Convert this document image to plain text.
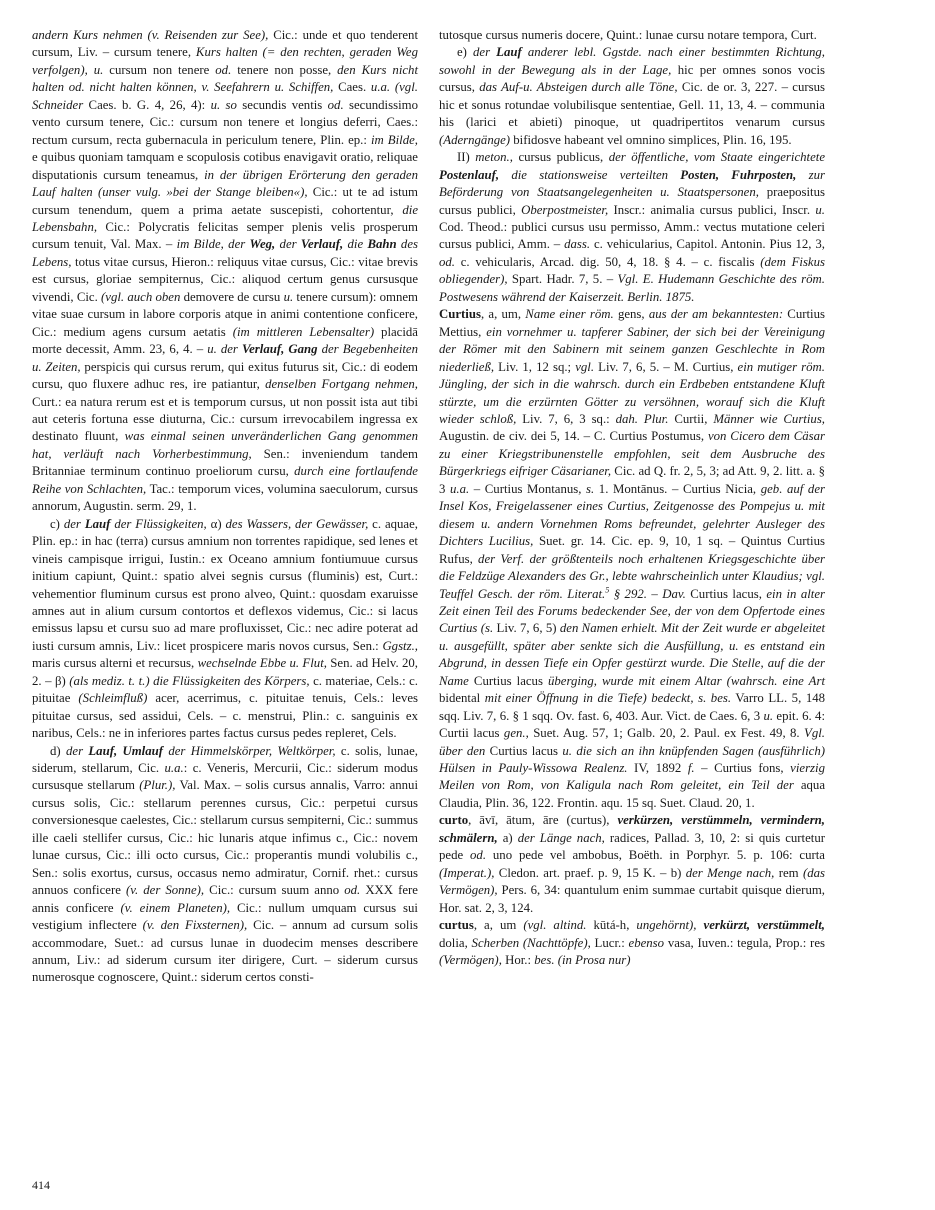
andern Kurs nehmen (v. Reisenden zur See), Cic.: unde et quo tenderent cursum, Liv. – cursum tenere, Kurs halten (= den rechten, geraden Weg verfolgen), u. cursum non tenere od. tenere non posse, den Kurs nicht halten od. nicht halten können, v. Seefahrern u. Schiffen, Caes. u.a. (vgl. Schneider Caes. b. G. 4, 26, 4): u. so secundis ventis od. secundissimo vento cursum tenere, Cic.: cursum non tenere et longius deferri, Caes.: rectum cursum, recta gubernacula in periculum tenere, Plin. ep.: im Bilde, e quibus quoniam tamquam e scopulosis cotibus enavigavit oratio, reliquae disputationis cursum teneamus, in der übrigen Erörterung den geraden Lauf halten (unser vulg. »bei der Stange bleiben«), Cic.: ut te ad istum cursum tenendum, quem a prima aetate suscepisti, cohortentur, die Lebensbahn, Cic.: Polycratis felicitas semper plenis velis prosperum cursum tenuit, Val. Max. – im Bilde, der Weg, der Verlauf, die Bahn des Lebens, totus vitae cursus, Hieron.: reliquus vitae cursus, Cic.: vitae brevis est cursus, gloriae sempiternus, Cic.: aliquod certum genus cursusque vivendi, Cic. (vgl. auch oben demovere de cursu u. tenere cursum): omnem vitae suae cursum in labore corporis atque in animi contentione conficere, Cic.: medium agens cursum aetatis (im mittleren Lebensalter) placidā morte decessit, Amm. 23, 6, 4. – u. der Verlauf, Gang der Begebenheiten u. Zeiten, perspicis qui cursus rerum, qui exitus futurus sit, Cic.: di eodem cursu, quo fluxere adhuc res, ire patiantur, denselben Fortgang nehmen, Curt.: ea natura rerum est et is temporum cursus, ut non possit ista aut tibi aut ceteris fortuna esse diuturna, Cic.: cursum irrevocabilem ingressa ex destinato fluunt, was einmal seinen unveränderlichen Gang genommen hat, verläuft nach Vorherbestimmung, Sen.: inveniendum tandem Britanniae terminum continuo proeliorum cursu, durch eine fortlaufende Reihe von Schlachten, Tac.: temporum vices, volumina saeculorum, cursus annorum, Augustin. serm. 29, 1.

c) der Lauf der Flüssigkeiten, α) des Wassers, der Gewässer, c. aquae, Plin. ep.: in hac (terra) cursus amnium non torrentes rapidique, sed lenes et vineis campisque irrigui, Iustin.: ex Oceano amnium fontiumuue cursus initium capiunt, Quint.: spatio alvei segnis cursus (fluminis) est, Curt.: vehementior fluminum cursus est prono alveo, Quint.: quosdam exaruisse amnes aut in alium cursum contortos et deflexos videmus, Cic.: si lacus emissus lapsu et cursu suo ad mare profluxisset, Cic.: nec adire poterat ad iusti cursum amnis, Liv.: licet prospicere maris novos cursus, Sen.: Ggstz., maris cursus alterni et recursus, wechselnde Ebbe u. Flut, Sen. ad Helv. 20, 2. – β) (als mediz. t. t.) die Flüssigkeiten des Körpers, c. materiae, Cels.: c. pituitae (Schleimfluß) acer, acerrimus, c. pituitae tenuis, Cels.: leves pituitae cursus, sed assidui, Cels. – c. menstrui, Plin.: c. sanguinis ex naribus, Cels.: ne in inferiores partes factus cursus pedes repleret, Cels.

d) der Lauf, Umlauf der Himmelskörper, Weltkörper, c. solis, lunae, siderum, stellarum, Cic. u.a.: c. Veneris, Mercurii, Cic.: siderum modus cursusque stellarum (Plur.), Val. Max. – solis cursus annalis, Varro: annui cursus solis, Cic.: stellarum perennes cursus, Cic.: perpetui cursus conversionesque caelestes, Cic.: stellarum cursus sempiterni, Cic.: summus ille caeli stellifer cursus, Cic.: hic lunaris atque infimus c., Cic.: novem lunae cursus, Cic.: illi octo cursus, Cic.: properantis mundi volubilis c., Sen.: solis exortus, cursus, occasus nemo admiratur, Cornif. rhet.: cursus annuos conficere (v. der Sonne), Cic.: cursum suum anno od. XXX fere annis conficere (v. einem Planeten), Cic.: nullum umquam cursus sui vestigium inflectere (v. den Fixsternen), Cic. – annum ad cursum solis accommodare, Suet.: ad cursus lunae in duodecim menses describere annum, Liv.: ad siderum cursum iter dirigere, Curt. – siderum cursus numerosque cognoscere, Quint.: siderum certos consti-

tutosque cursus numeris docere, Quint.: lunae cursu notare tempora, Curt.

e) der Lauf anderer lebl. Ggstde. nach einer bestimmten Richtung, sowohl in der Bewegung als in der Lage, hic per omnes sonos vocis cursus, das Auf-u. Absteigen durch alle Töne, Cic. de or. 3, 227. – cursus hic et sonus rotundae volubilisque sententiae, Gell. 11, 13, 4. – communia his (larici et abieti) pinoque, ut quadripertitos venarum cursus (Aderngänge) bifidosve habeant vel omnino simplices, Plin. 16, 195.

II) meton., cursus publicus, der öffentliche, vom Staate eingerichtete Postenlauf, die stationsweise verteilten Posten, Fuhrposten, zur Beförderung von Staatsangelegenheiten u. Staatspersonen, praepositus cursus publici, Oberpostmeister, Inscr.: animalia cursus publici, Inscr. u. Cod. Theod.: publici cursus usu permisso, Amm.: vectus mutatione celeri cursus publici, Amm. – dass. c. vehicularius, Capitol. Antonin. Pius 12, 3, od. c. vehicularis, Arcad. dig. 50, 4, 18. § 4. – c. fiscalis (dem Fiskus obliegender), Spart. Hadr. 7, 5. – Vgl. E. Hudemann Geschichte des röm. Postwesens während der Kaiserzeit. Berlin. 1875.

Curtius, a, um, Name einer röm. gens, aus der am bekanntesten: Curtius Mettius, ein vornehmer u. tapferer Sabiner, der sich bei der Vereinigung der Römer mit den Sabinern mit seinem ganzen Geschlechte in Rom niederließ, Liv. 1, 12 sq.; vgl. Liv. 7, 6, 5. – M. Curtius, ein mutiger röm. Jüngling, der sich in die wahrsch. durch ein Erdbeben entstandene Kluft stürzte, um die erzürnten Götter zu versöhnen, worauf sich die Kluft wieder schloß, Liv. 7, 6, 3 sq.: dah. Plur. Curtii, Männer wie Curtius, Augustin. de civ. dei 5, 14. – C. Curtius Postumus, von Cicero dem Cäsar zu einer Kriegstribunenstelle empfohlen, seit dem Ausbruche des Bürgerkriegs eifriger Cäsarianer, Cic. ad Q. fr. 2, 5, 3; ad Att. 9, 2. litt. a. § 3 u.a. – Curtius Montanus, s. 1. Montānus. – Curtius Nicia, geb. auf der Insel Kos, Freigelassener eines Curtius, Zeitgenosse des Pompejus u. mit diesem u. andern Vornehmen Roms befreundet, gelehrter Ausleger des Dichters Lucilius, Suet. gr. 14. Cic. ep. 9, 10, 1 sq. – Quintus Curtius Rufus, der Verf. der größtenteils noch erhaltenen Kriegsgeschichte über die Feldzüge Alexanders des Gr., lebte wahrscheinlich unter Klaudius; vgl. Teuffel Gesch. der röm. Literat.$^5$ § 292. – Dav. Curtius lacus, ein in alter Zeit einen Teil des Forums bedeckender See, der von dem Opfertode eines Curtius (s. Liv. 7, 6, 5) den Namen erhielt. Mit der Zeit wurde er abgeleitet u. ausgefüllt, später aber senkte sich die Ausfüllung, u. es entstand ein Abgrund, in dessen Tiefe ein Opfer gestürzt wurde. Die Stelle, auf die der Name Curtius lacus überging, wurde mit einem Altar (wahrsch. eine Art bidental mit einer Öffnung in die Tiefe) bedeckt, s. bes. Varro LL. 5, 148 sqq. Liv. 7, 6. § 1 sqq. Ov. fast. 6, 403. Aur. Vict. de Caes. 6, 3 u. epit. 6. 4: Curtii lacus gen., Suet. Aug. 57, 1; Galb. 20, 2. Paul. ex Fest. 49, 8. Vgl. über den Curtius lacus u. die sich an ihn knüpfenden Sagen (ausführlich) Hülsen in Pauly-Wissowa Realenz. IV, 1892 f. – Curtius fons, vierzig Meilen von Rom, von Kaligula nach Rom geleitet, ein Teil der aqua Claudia, Plin. 36, 122. Frontin. aqu. 15 sq. Suet. Claud. 20, 1.

curto, āvī, ātum, āre (curtus), verkürzen, verstümmeln, vermindern, schmälern, a) der Länge nach, radices, Pallad. 3, 10, 2: si quis curtetur pede od. uno pede vel ambobus, Boëth. in Porphyr. 5. p. 106: curta (Imperat.), Cledon. art. praef. p. 9, 15 K. – b) der Menge nach, rem (das Vermögen), Pers. 6, 34: quantulum enim summae curtabit quisque dierum, Hor. sat. 2, 3, 124.

curtus, a, um (vgl. altind. kūtá-h, ungehörnt), verkürzt, verstümmelt, dolia, Scherben (Nachttöpfe), Lucr.: ebenso vasa, Iuven.: tegula, Prop.: res (Vermögen), Hor.: bes. (in Prosa nur)

414
